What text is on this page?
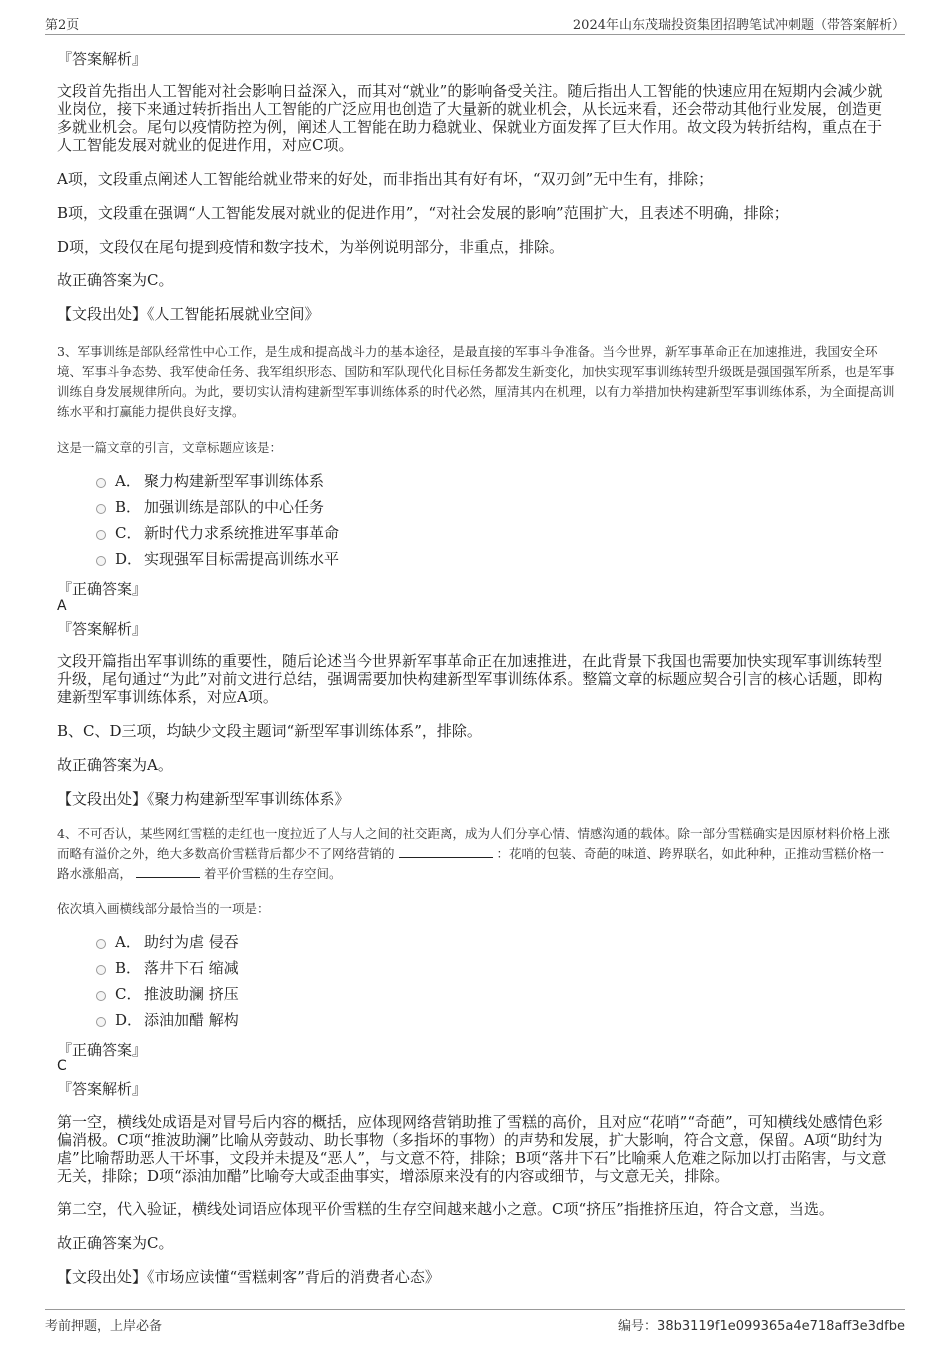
第2页	2024年山东茂瑞投资集团招聘笔试冲刺题（带答案解析）
『答案解析』
文段首先指出人工智能对社会影响日益深入，而其对“就业”的影响备受关注。随后指出人工智能的快速应用在短期内会减少就业岗位，接下来通过转折指出人工智能的广泛应用也创造了大量新的就业机会，从长远来看，还会带动其他行业发展，创造更多就业机会。尾句以疫情防控为例，阐述人工智能在助力稳就业、保就业方面发挥了巨大作用。故文段为转折结构，重点在于人工智能发展对就业的促进作用，对应C项。
A项，文段重点阐述人工智能给就业带来的好处，而非指出其有好有坏，“双刃剑”无中生有，排除；
B项，文段重在强调“人工智能发展对就业的促进作用”，“对社会发展的影响”范围扩大，且表述不明确，排除；
D项，文段仅在尾句提到疫情和数字技术，为举例说明部分，非重点，排除。
故正确答案为C。
【文段出处】《人工智能拓展就业空间》
3、军事训练是部队经常性中心工作，是生成和提高战斗力的基本途径，是最直接的军事斗争准备。当今世界，新军事革命正在加速推进，我国安全环境、军事斗争态势、我军使命任务、我军组织形态、国防和军队现代化目标任务都发生新变化，加快实现军事训练转型升级既是强国强军所系，也是军事训练自身发展规律所向。为此，要切实认清构建新型军事训练体系的时代必然，厘清其内在机理，以有力举措加快构建新型军事训练体系，为全面提高训练水平和打赢能力提供良好支撑。
这是一篇文章的引言，文章标题应该是：
A． 聚力构建新型军事训练体系
B． 加强训练是部队的中心任务
C． 新时代力求系统推进军事革命
D． 实现强军目标需提高训练水平
『正确答案』
A
『答案解析』
文段开篇指出军事训练的重要性，随后论述当今世界新军事革命正在加速推进，在此背景下我国也需要加快实现军事训练转型升级，尾句通过“为此”对前文进行总结，强调需要加快构建新型军事训练体系。整篇文章的标题应契合引言的核心话题，即构建新型军事训练体系，对应A项。
B、C、D三项，均缺少文段主题词“新型军事训练体系”，排除。
故正确答案为A。
【文段出处】《聚力构建新型军事训练体系》
4、不可否认，某些网红雪糕的走红也一度拉近了人与人之间的社交距离，成为人们分享心情、情感沟通的载体。除一部分雪糕确实是因原材料价格上涨而略有溢价之外，绝大多数高价雪糕背后都少不了网络营销的	：花哨的包装、奇葩的味道、跨界联名，如此种种，正推动雪糕价格一路水涨船高，	着平价雪糕的生存空间。
依次填入画横线部分最恰当的一项是：
A． 助纣为虐 侵吞
B． 落井下石 缩减
C． 推波助澜 挤压
D． 添油加醋 解构
『正确答案』
C
『答案解析』
第一空，横线处成语是对冒号后内容的概括，应体现网络营销助推了雪糕的高价，且对应“花哨”“奇葩”，可知横线处感情色彩偏消极。C项“推波助澜”比喻从旁鼓动、助长事物（多指坏的事物）的声势和发展，扩大影响，符合文意，保留。A项“助纣为虐”比喻帮助恶人干坏事，文段并未提及“恶人”，与文意不符，排除；B项“落井下石”比喻乘人危难之际加以打击陷害，与文意无关，排除；D项“添油加醋”比喻夸大或歪曲事实，增添原来没有的内容或细节，与文意无关，排除。
第二空，代入验证，横线处词语应体现平价雪糕的生存空间越来越小之意。C项“挤压”指推挤压迫，符合文意，当选。
故正确答案为C。
【文段出处】《市场应读懂“雪糕刺客”背后的消费者心态》
考前押题，上岸必备	编号：38b3119f1e099365a4e718aff3e3dfbe
